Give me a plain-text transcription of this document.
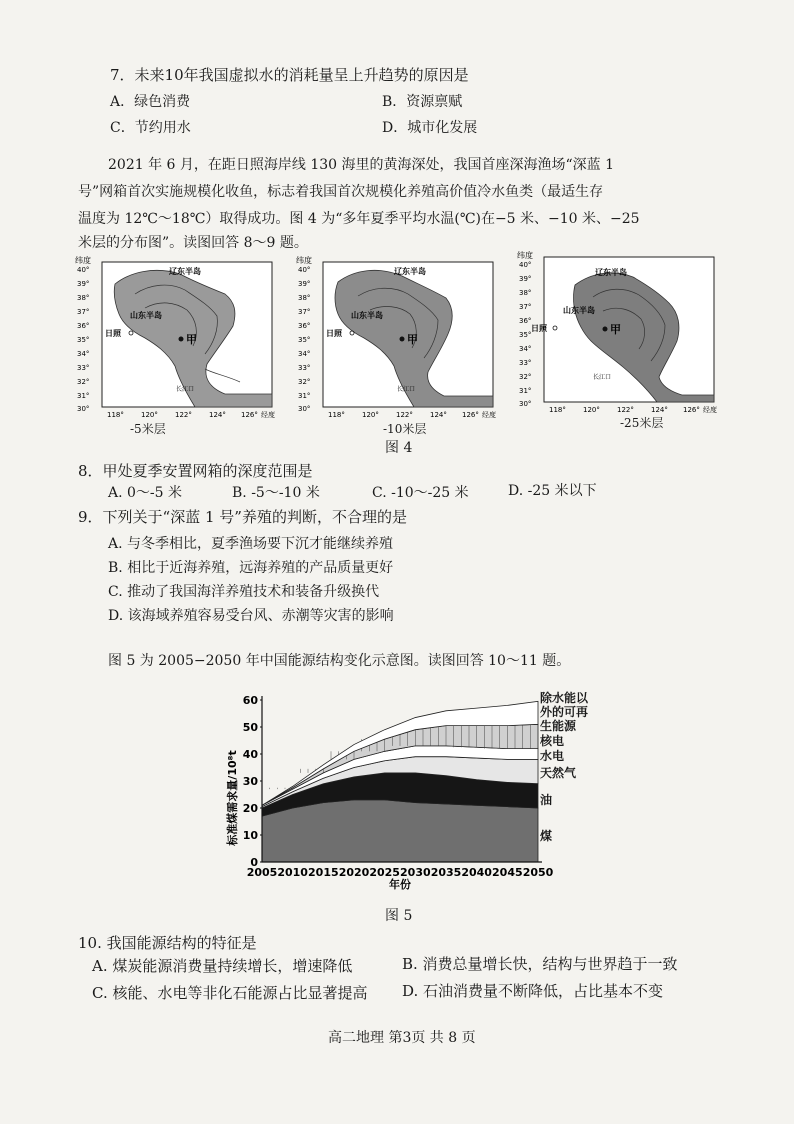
7．未来10年我国虚拟水的消耗量呈上升趋势的原因是
A．绿色消费	B．资源禀赋
C．节约用水	D．城市化发展
2021 年 6 月，在距日照海岸线 130 海里的黄海深处，我国首座深海渔场“深蓝 1
号”网箱首次实施规模化收鱼，标志着我国首次规模化养殖高价值冷水鱼类（最适生存
温度为 12℃～18℃）取得成功。图 4 为“多年夏季平均水温(℃)在−5 米、−10 米、−25
米层的分布图”。读图回答 8～9 题。
纬度
40°
39°
38°
37°
36°
35°
34°
33°
32°
31°
30°
118° 120° 122° 124° 126° 经度
辽东半岛
山东半岛
日照	甲
长江口
纬度
40°
39°
38°
37°
36°
35°
34°
33°
32°
31°
30°
118° 120° 122° 124° 126° 经度
辽东半岛
山东半岛
日照	甲
长江口
纬度
40°
39°
38°
37°
36°
35°
34°
33°
32°
31°
30°
118° 120° 122° 124° 126° 经度
辽东半岛
山东半岛
日照	甲
长江口
-5米层	-10米层	-25米层
图 4
8．甲处夏季安置网箱的深度范围是
A. 0～-5 米	B. -5～-10 米	C. -10～-25 米	D. -25 米以下
9．下列关于“深蓝 1 号”养殖的判断，不合理的是
A. 与冬季相比，夏季渔场要下沉才能继续养殖
B. 相比于近海养殖，远海养殖的产品质量更好
C. 推动了我国海洋养殖技术和装备升级换代
D. 该海域养殖容易受台风、赤潮等灾害的影响
图 5 为 2005−2050 年中国能源结构变化示意图。读图回答 10～11 题。
0
10
20
30
40
50
60
2005 2010 2015 2020 2025 2030 2035 2040 2045 2050
标准煤需求量/10⁸t
年份
除水能以
外的可再
生能源
核电
水电
天然气
油
煤
图 5
10. 我国能源结构的特征是
A. 煤炭能源消费量持续增长，增速降低	B. 消费总量增长快，结构与世界趋于一致
C. 核能、水电等非化石能源占比显著提高 D. 石油消费量不断降低，占比基本不变
高二地理 第3页 共 8 页
